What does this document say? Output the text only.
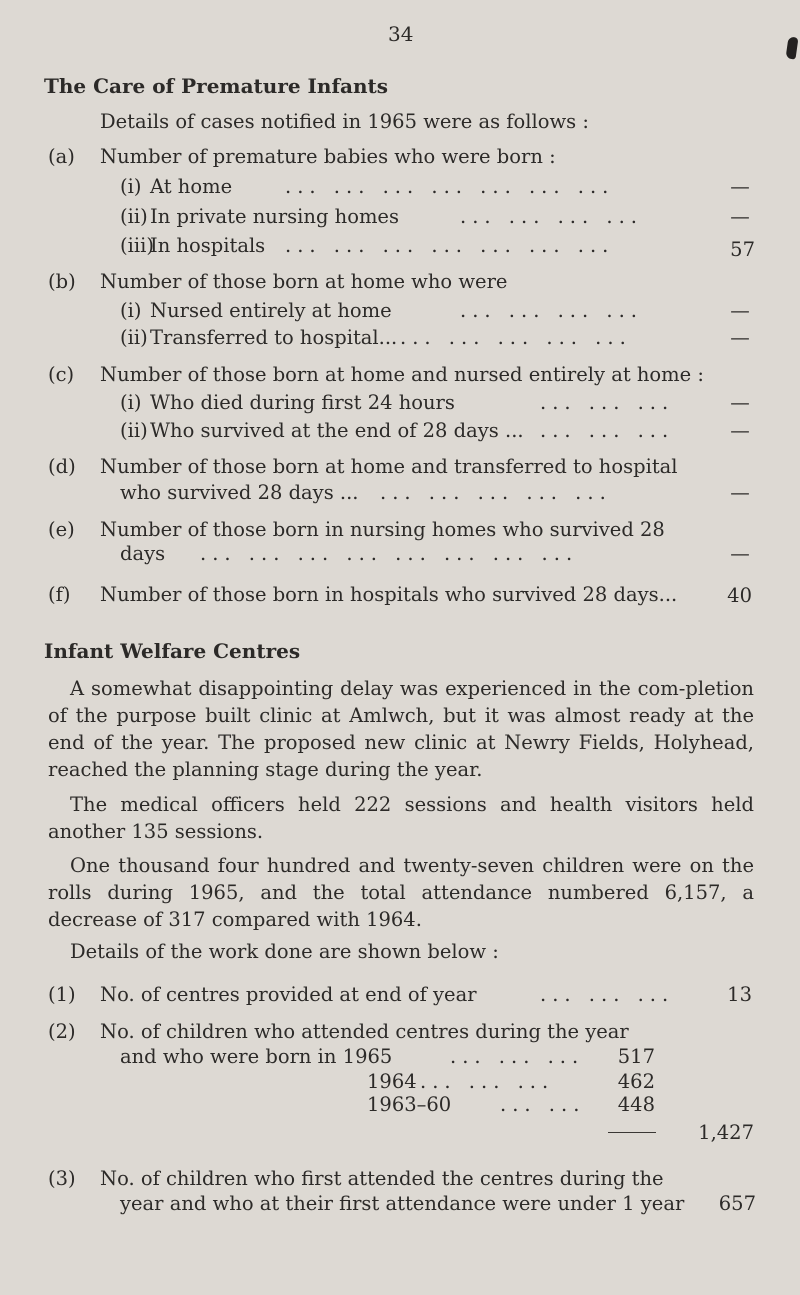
34
The Care of Premature Infants
Details of cases notified in 1965 were as follows :
(a) Number of premature babies who were born :
(i) At home	... ... ... ... ... ... ...	—
(ii) In private nursing homes	... ... ... ...	—
(iii)
In hospitals ... ... ... ... ... ... ...	57
(b) Number of those born at home who were
(i) Nursed entirely at home	... ... ... ...	—
(ii) Transferred to hospital... ... ... ... ... ...	—
(c) Number of those born at home and nursed entirely at home :
(i) Who died during first 24 hours	... ... ...	—
(ii) Who survived at the end of 28 days ... ... ... ...	—
(d) Number of those born at home and transferred to hospital
who survived 28 days ... ... ... ... ... ...	—
(e) Number of those born in nursing homes who survived 28
days ... ... ... ... ... ... ... ...	—
(f) Number of those born in hospitals who survived 28 days...	40
Infant Welfare Centres
A somewhat disappointing delay was experienced in the com-pletion of the purpose built clinic at Amlwch, but it was almost ready at the end of the year. The proposed new clinic at Newry Fields, Holyhead, reached the planning stage during the year.
The medical officers held 222 sessions and health visitors held another 135 sessions.
One thousand four hundred and twenty-seven children were on the rolls during 1965, and the total attendance numbered 6,157, a decrease of 317 compared with 1964.
Details of the work done are shown below :
(1) No. of centres provided at end of year	... ... ...	13
(2) No. of children who attended centres during the year
and who were born in 1965	... ... ...	517
1964 ... ... ...	462
1963–60	... ...	448
1,427
(3) No. of children who first attended the centres during the
year and who at their first attendance were under 1 year	657
